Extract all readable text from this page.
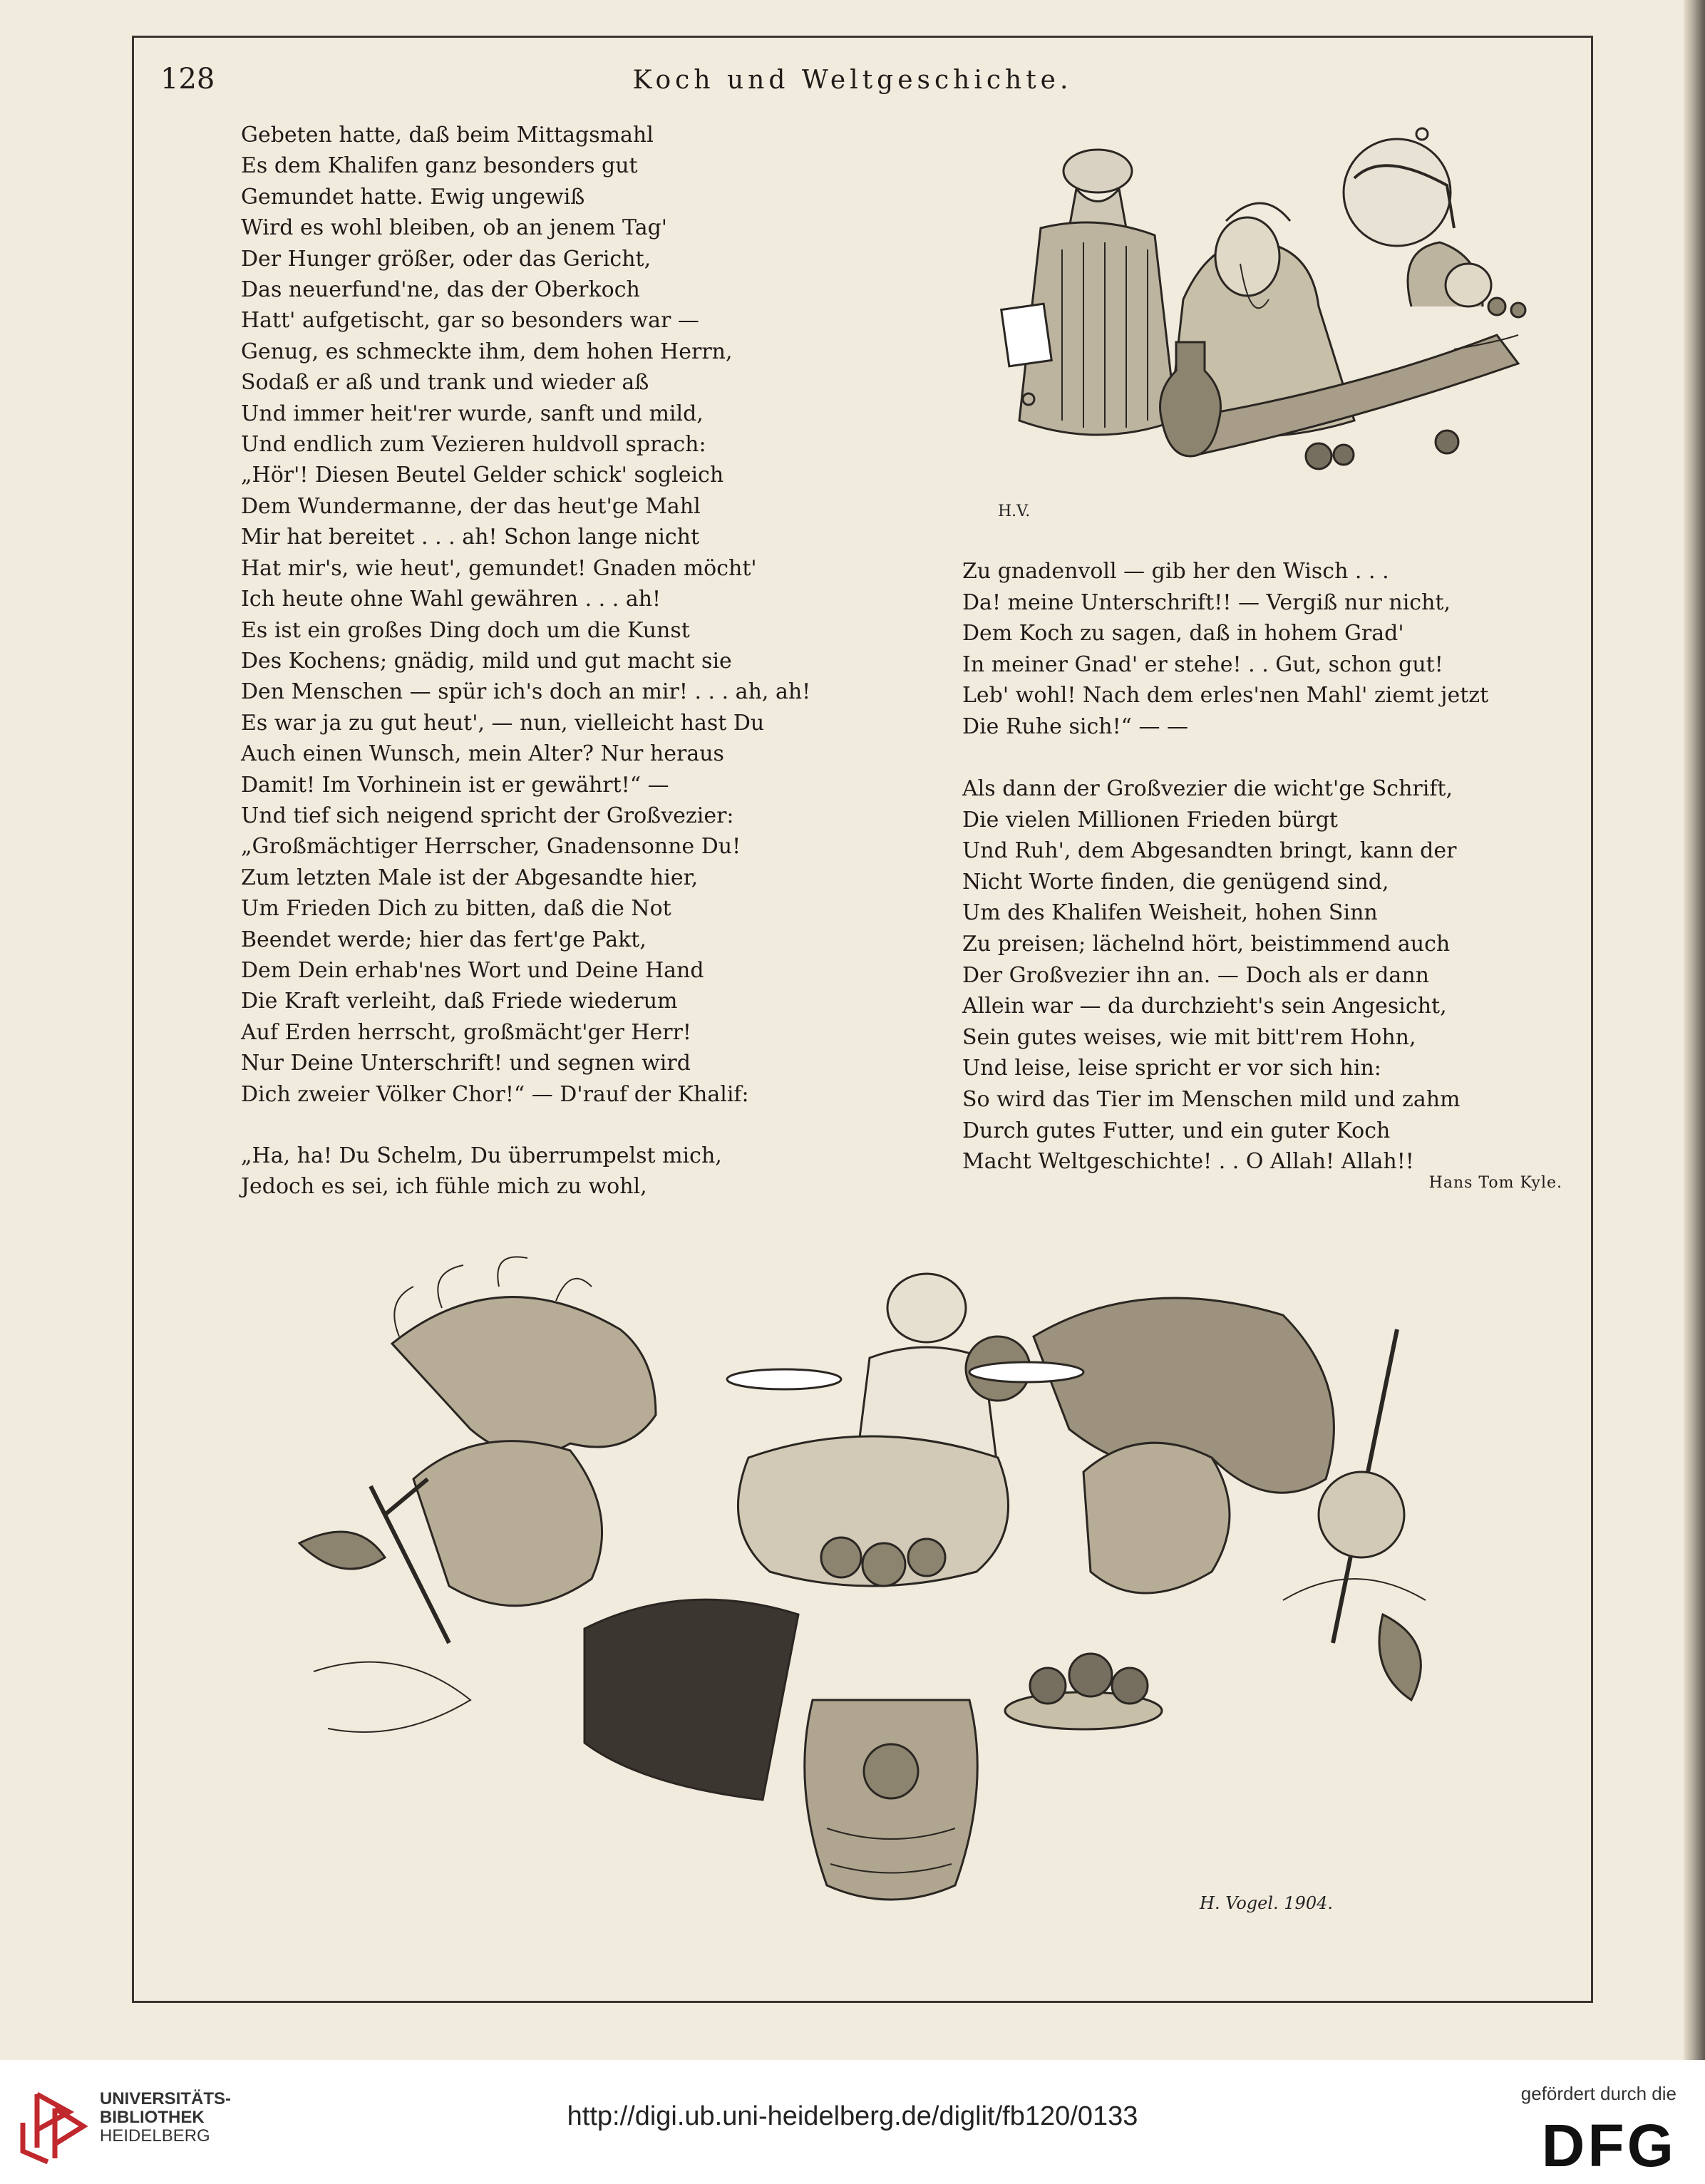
128	Koch und Weltgeschichte.

Gebeten hatte, daß beim Mittagsmahl

Es dem Khalifen ganz besonders gut

Gemundet hatte. Ewig ungewiß

Wird es wohl bleiben, ob an jenem Tag'

Der Hunger größer, oder das Gericht,

Das neuerfund'ne, das der Oberkoch

Hatt' aufgetischt, gar so besonders war —

Genug, es schmeckte ihm, dem hohen Herrn,

Sodaß er aß und trank und wieder aß

Und immer heit'rer wurde, sanft und mild,

Und endlich zum Vezieren huldvoll sprach:

„Hör'! Diesen Beutel Gelder schick' sogleich

Dem Wundermanne, der das heut'ge Mahl

Mir hat bereitet . . . ah! Schon lange nicht

Hat mir's, wie heut', gemundet! Gnaden möcht'

Ich heute ohne Wahl gewähren . . . ah!

Es ist ein großes Ding doch um die Kunst

Des Kochens; gnädig, mild und gut macht sie

Den Menschen — spür ich's doch an mir! . . . ah, ah!

Es war ja zu gut heut', — nun, vielleicht hast Du

Auch einen Wunsch, mein Alter? Nur heraus

Damit! Im Vorhinein ist er gewährt!“ —

Und tief sich neigend spricht der Großvezier:

„Großmächtiger Herrscher, Gnadensonne Du!

Zum letzten Male ist der Abgesandte hier,

Um Frieden Dich zu bitten, daß die Not

Beendet werde; hier das fert'ge Pakt,

Dem Dein erhab'nes Wort und Deine Hand

Die Kraft verleiht, daß Friede wiederum

Auf Erden herrscht, großmächt'ger Herr!

Nur Deine Unterschrift! und segnen wird

Dich zweier Völker Chor!“ — D'rauf der Khalif:

„Ha, ha! Du Schelm, Du überrumpelst mich,

Jedoch es sei, ich fühle mich zu wohl,

Zu gnadenvoll — gib her den Wisch . . .

Da! meine Unterschrift!! — Vergiß nur nicht,

Dem Koch zu sagen, daß in hohem Grad'

In meiner Gnad' er stehe! . . Gut, schon gut!

Leb' wohl! Nach dem erles'nen Mahl' ziemt jetzt

Die Ruhe sich!“ — —

Als dann der Großvezier die wicht'ge Schrift,

Die vielen Millionen Frieden bürgt

Und Ruh', dem Abgesandten bringt, kann der

Nicht Worte finden, die genügend sind,

Um des Khalifen Weisheit, hohen Sinn

Zu preisen; lächelnd hört, beistimmend auch

Der Großvezier ihn an. — Doch als er dann

Allein war — da durchzieht's sein Angesicht,

Sein gutes weises, wie mit bitt'rem Hohn,

Und leise, leise spricht er vor sich hin:

So wird das Tier im Menschen mild und zahm

Durch gutes Futter, und ein guter Koch

Macht Weltgeschichte! . . O Allah! Allah!!

Hans Tom Kyle.
H.V.
H. Vogel. 1904.
UNIVERSITÄTS-
BIBLIOTHEK
HEIDELBERG
http://digi.ub.uni-heidelberg.de/diglit/fb120/0133
gefördert durch die
DFG
